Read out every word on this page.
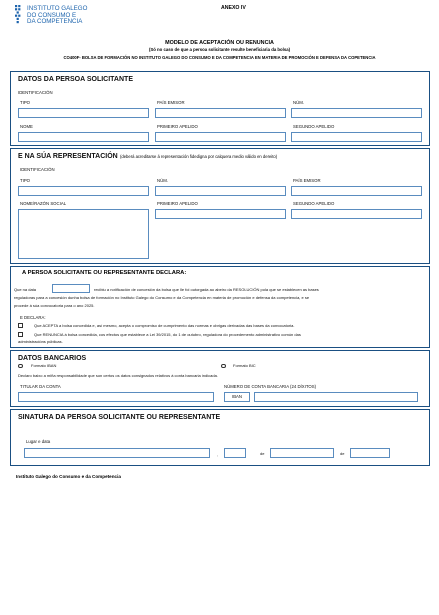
INSTITUTO GALEGO
DO CONSUMO E
DA COMPETENCIA
ANEXO IV
MODELO DE ACEPTACIÓN OU RENUNCIA
(Só no caso de que a persoa solicitante resulte beneficiaria da bolsa)
CO400F- BOLSA DE FORMACIÓN NO INSTITUTO GALEGO DO CONSUMO E DA COMPETENCIA EN MATERIA DE PROMOCIÓN E DEFENSA DA COPETENCIA
DATOS DA PERSOA SOLICITANTE
IDENTIFICACIÓN
TIPO	PAÍS EMISOR	NÚM.
NOME	PRIMEIRO APELIDO	SEGUNDO APELIDO
E NA SÚA REPRESENTACIÓN (deberá acreditarse á representación fidedigna por calquera medio válido en dereito)
IDENTIFICACIÓN
TIPO	NÚM.	PAÍS EMISOR
NOME/RAZÓN SOCIAL	PRIMEIRO APELIDO	SEGUNDO APELIDO
A PERSOA SOLICITANTE OU REPRESENTANTE DECLARA:
Que na data	recibiu a notificación de concesión da bolsa que lle foi outorgada ao abeiro da RESOLUCIÓN pola que se establecen as bases
reguladoras para a concesión dunha bolsa de formación no Instituto Galego do Consumo e da Competencia en materia de promoción e defensa da competencia, e se
procede á súa convocatoria para o ano 2025.
E DECLARA:
Que ACEPTA a bolsa concedida e, así mesmo, acepta o compromiso de cumprimento das normas e obrigas derivadas das bases da convocatoria.
Que RENUNCIA á bolsa concedida, cos efectos que establece a Lei 39/2015, do 1 de outubro, reguladora do procedemento administrativo común das
administracións públicas.
DATOS BANCARIOS
Formato IBAN	Formato BIC
Declaro baixo a miña responsabilidade que son certos os datos consignados relativos á conta bancaria indicada.
TITULAR DA CONTA	NÚMERO DE CONTA BANCARIA (24 DÍXITOS)
IBAN
SINATURA DA PERSOA SOLICITANTE OU REPRESENTANTE
Lugar e data
,	de	de
Instituto Galego do Consumo e da Competencia
